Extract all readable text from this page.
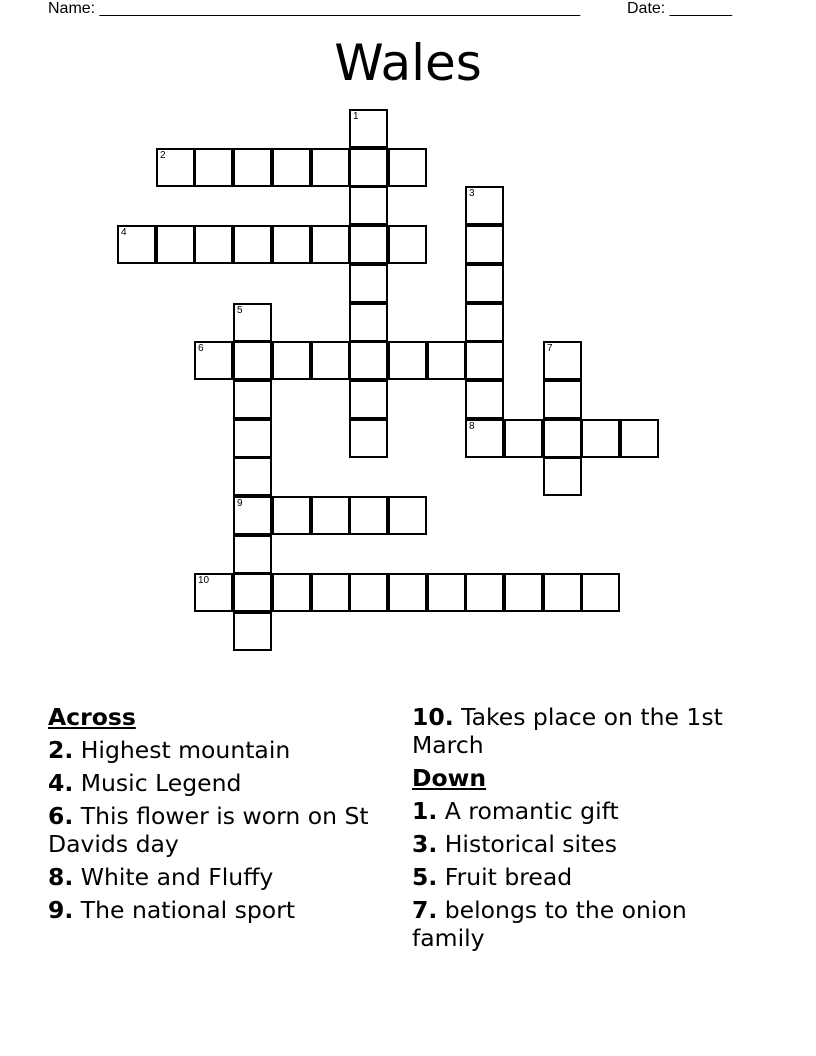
Name: ______________________________________________________	Date: _______
Wales
1
2
3
8
4
5
9
6	7
10
Across
2. Highest mountain
4. Music Legend
6. This flower is worn on St Davids day
8. White and Fluffy
9. The national sport
10. Takes place on the 1st March
Down
1. A romantic gift
3. Historical sites
5. Fruit bread
7. belongs to the onion family
